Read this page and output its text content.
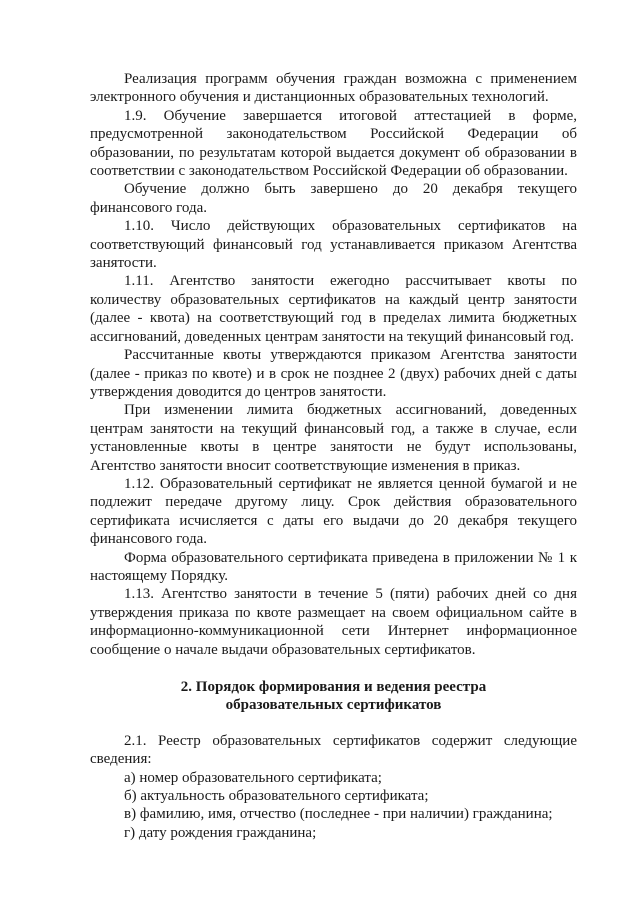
Реализация программ обучения граждан возможна с применением электронного обучения и дистанционных образовательных технологий.

1.9. Обучение завершается итоговой аттестацией в форме, предусмотренной законодательством Российской Федерации об образовании, по результатам которой выдается документ об образовании в соответствии с законодательством Российской Федерации об образовании.

Обучение должно быть завершено до 20 декабря текущего финансового года.

1.10. Число действующих образовательных сертификатов на соответствующий финансовый год устанавливается приказом Агентства занятости.

1.11. Агентство занятости ежегодно рассчитывает квоты по количеству образовательных сертификатов на каждый центр занятости (далее - квота) на соответствующий год в пределах лимита бюджетных ассигнований, доведенных центрам занятости на текущий финансовый год.

Рассчитанные квоты утверждаются приказом Агентства занятости (далее - приказ по квоте) и в срок не позднее 2 (двух) рабочих дней с даты утверждения доводится до центров занятости.

При изменении лимита бюджетных ассигнований, доведенных центрам занятости на текущий финансовый год, а также в случае, если установленные квоты в центре занятости не будут использованы, Агентство занятости вносит соответствующие изменения в приказ.

1.12. Образовательный сертификат не является ценной бумагой и не подлежит передаче другому лицу. Срок действия образовательного сертификата исчисляется с даты его выдачи до 20 декабря текущего финансового года.

Форма образовательного сертификата приведена в приложении № 1 к настоящему Порядку.

1.13. Агентство занятости в течение 5 (пяти) рабочих дней со дня утверждения приказа по квоте размещает на своем официальном сайте в информационно-коммуникационной сети Интернет информационное сообщение о начале выдачи образовательных сертификатов.

2. Порядок формирования и ведения реестра
образовательных сертификатов

2.1. Реестр образовательных сертификатов содержит следующие сведения:

а) номер образовательного сертификата;

б) актуальность образовательного сертификата;

в) фамилию, имя, отчество (последнее - при наличии) гражданина;

г) дату рождения гражданина;
